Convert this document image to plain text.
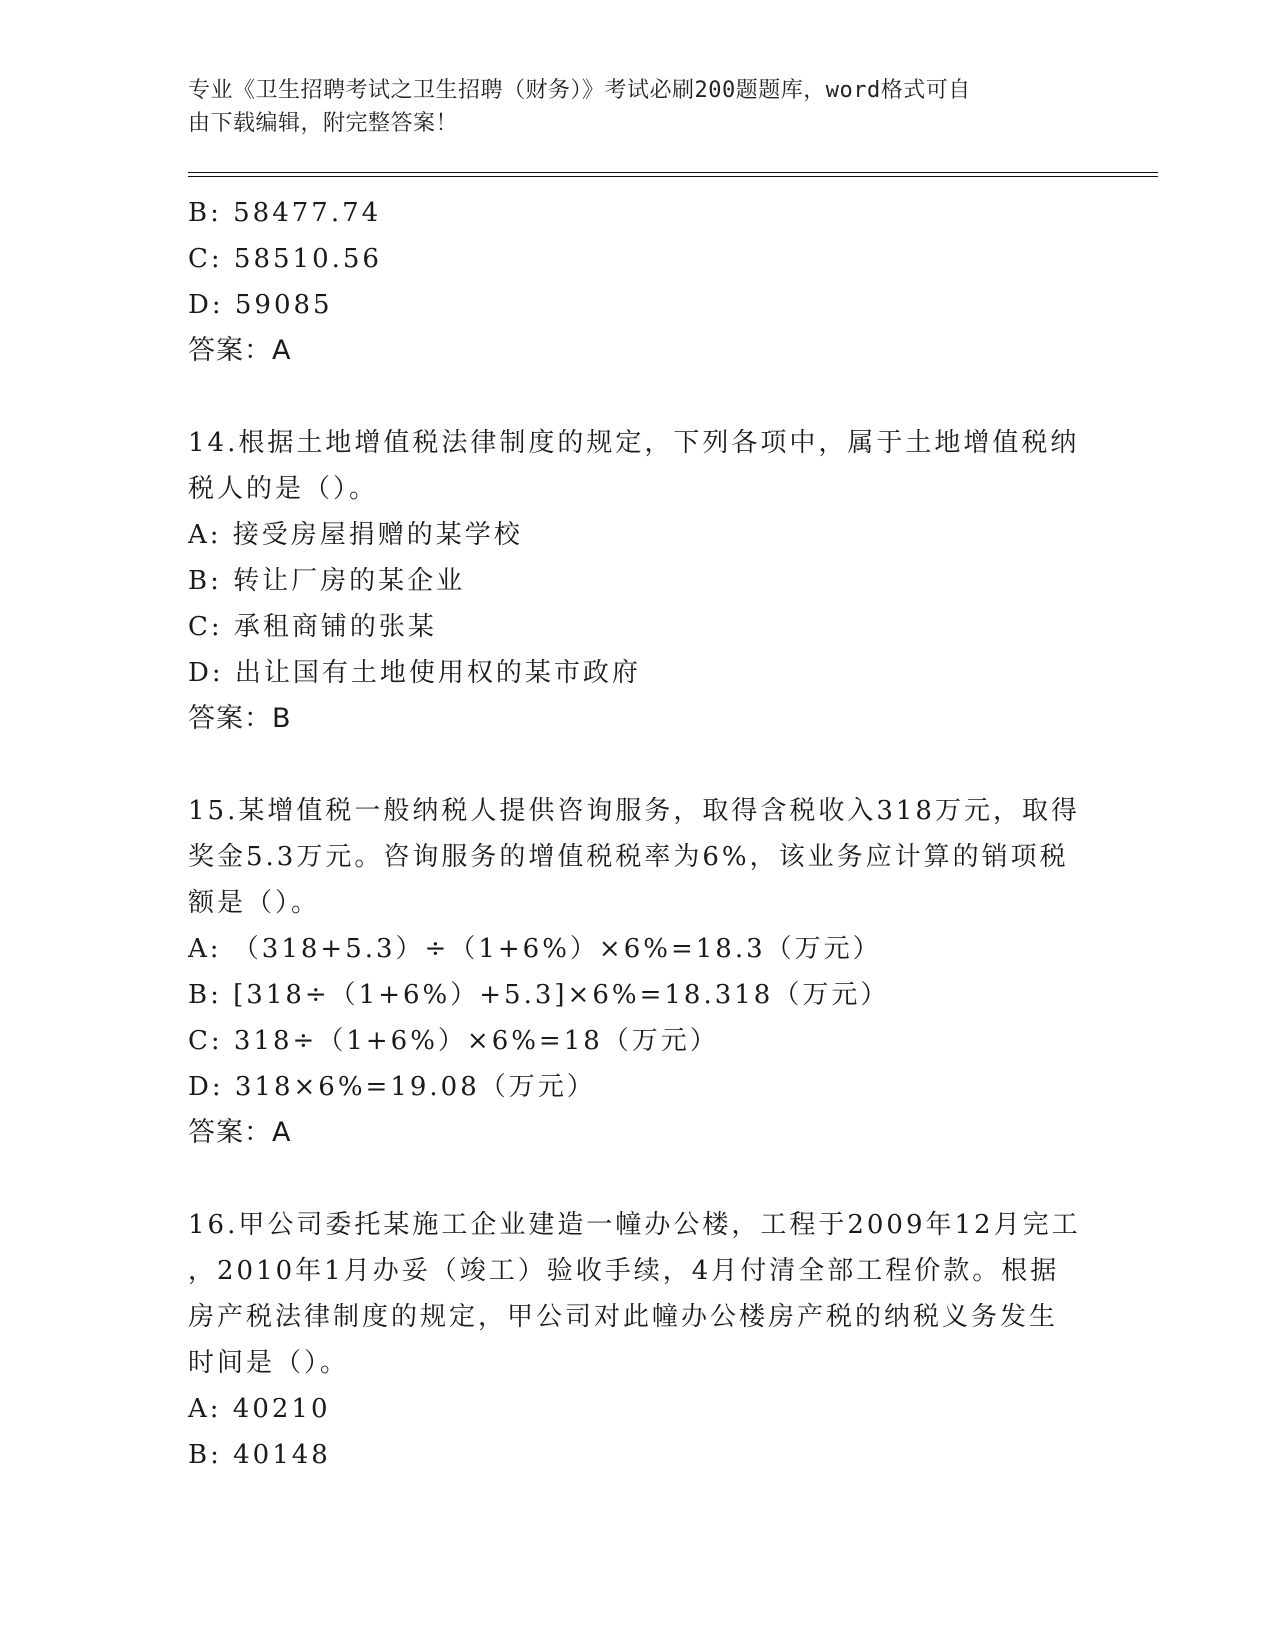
专业《卫生招聘考试之卫生招聘（财务）》考试必刷200题题库，word格式可自
由下载编辑，附完整答案！
B: 58477.74
C: 58510.56
D: 59085
答案：A
14.根据土地增值税法律制度的规定，下列各项中，属于土地增值税纳
税人的是（）。
A: 接受房屋捐赠的某学校
B: 转让厂房的某企业
C: 承租商铺的张某
D: 出让国有土地使用权的某市政府
答案：B
15.某增值税一般纳税人提供咨询服务，取得含税收入318万元，取得
奖金5.3万元。咨询服务的增值税税率为6%，该业务应计算的销项税
额是（）。
A: （318+5.3）÷（1+6%）×6%=18.3（万元）
B: [318÷（1+6%）+5.3]×6%=18.318（万元）
C: 318÷（1+6%）×6%=18（万元）
D: 318×6%=19.08（万元）
答案：A
16.甲公司委托某施工企业建造一幢办公楼，工程于2009年12月完工
，2010年1月办妥（竣工）验收手续，4月付清全部工程价款。根据
房产税法律制度的规定，甲公司对此幢办公楼房产税的纳税义务发生
时间是（）。
A: 40210
B: 40148
